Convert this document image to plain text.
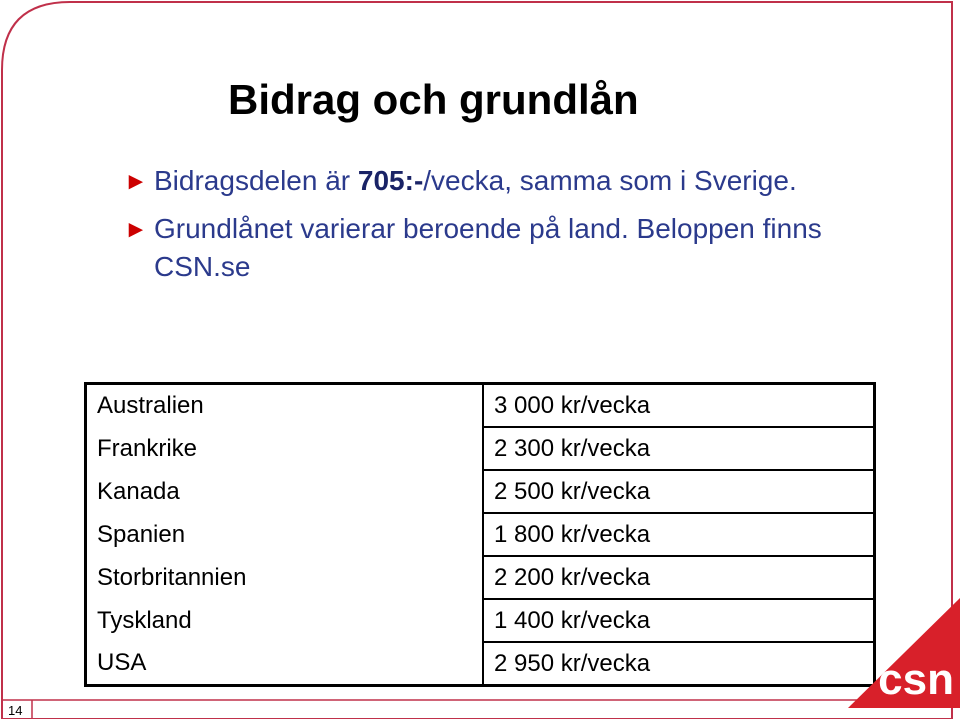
Bidrag och grundlån
► Bidragsdelen är 705:-/vecka, samma som i Sverige.
► Grundlånet varierar beroende på land. Beloppen finns CSN.se
Australien	3 000 kr/vecka
Frankrike	2 300 kr/vecka
Kanada	2 500 kr/vecka
Spanien	1 800 kr/vecka
Storbritannien	2 200 kr/vecka
Tyskland	1 400 kr/vecka
USA	2 950 kr/vecka
14
csn
